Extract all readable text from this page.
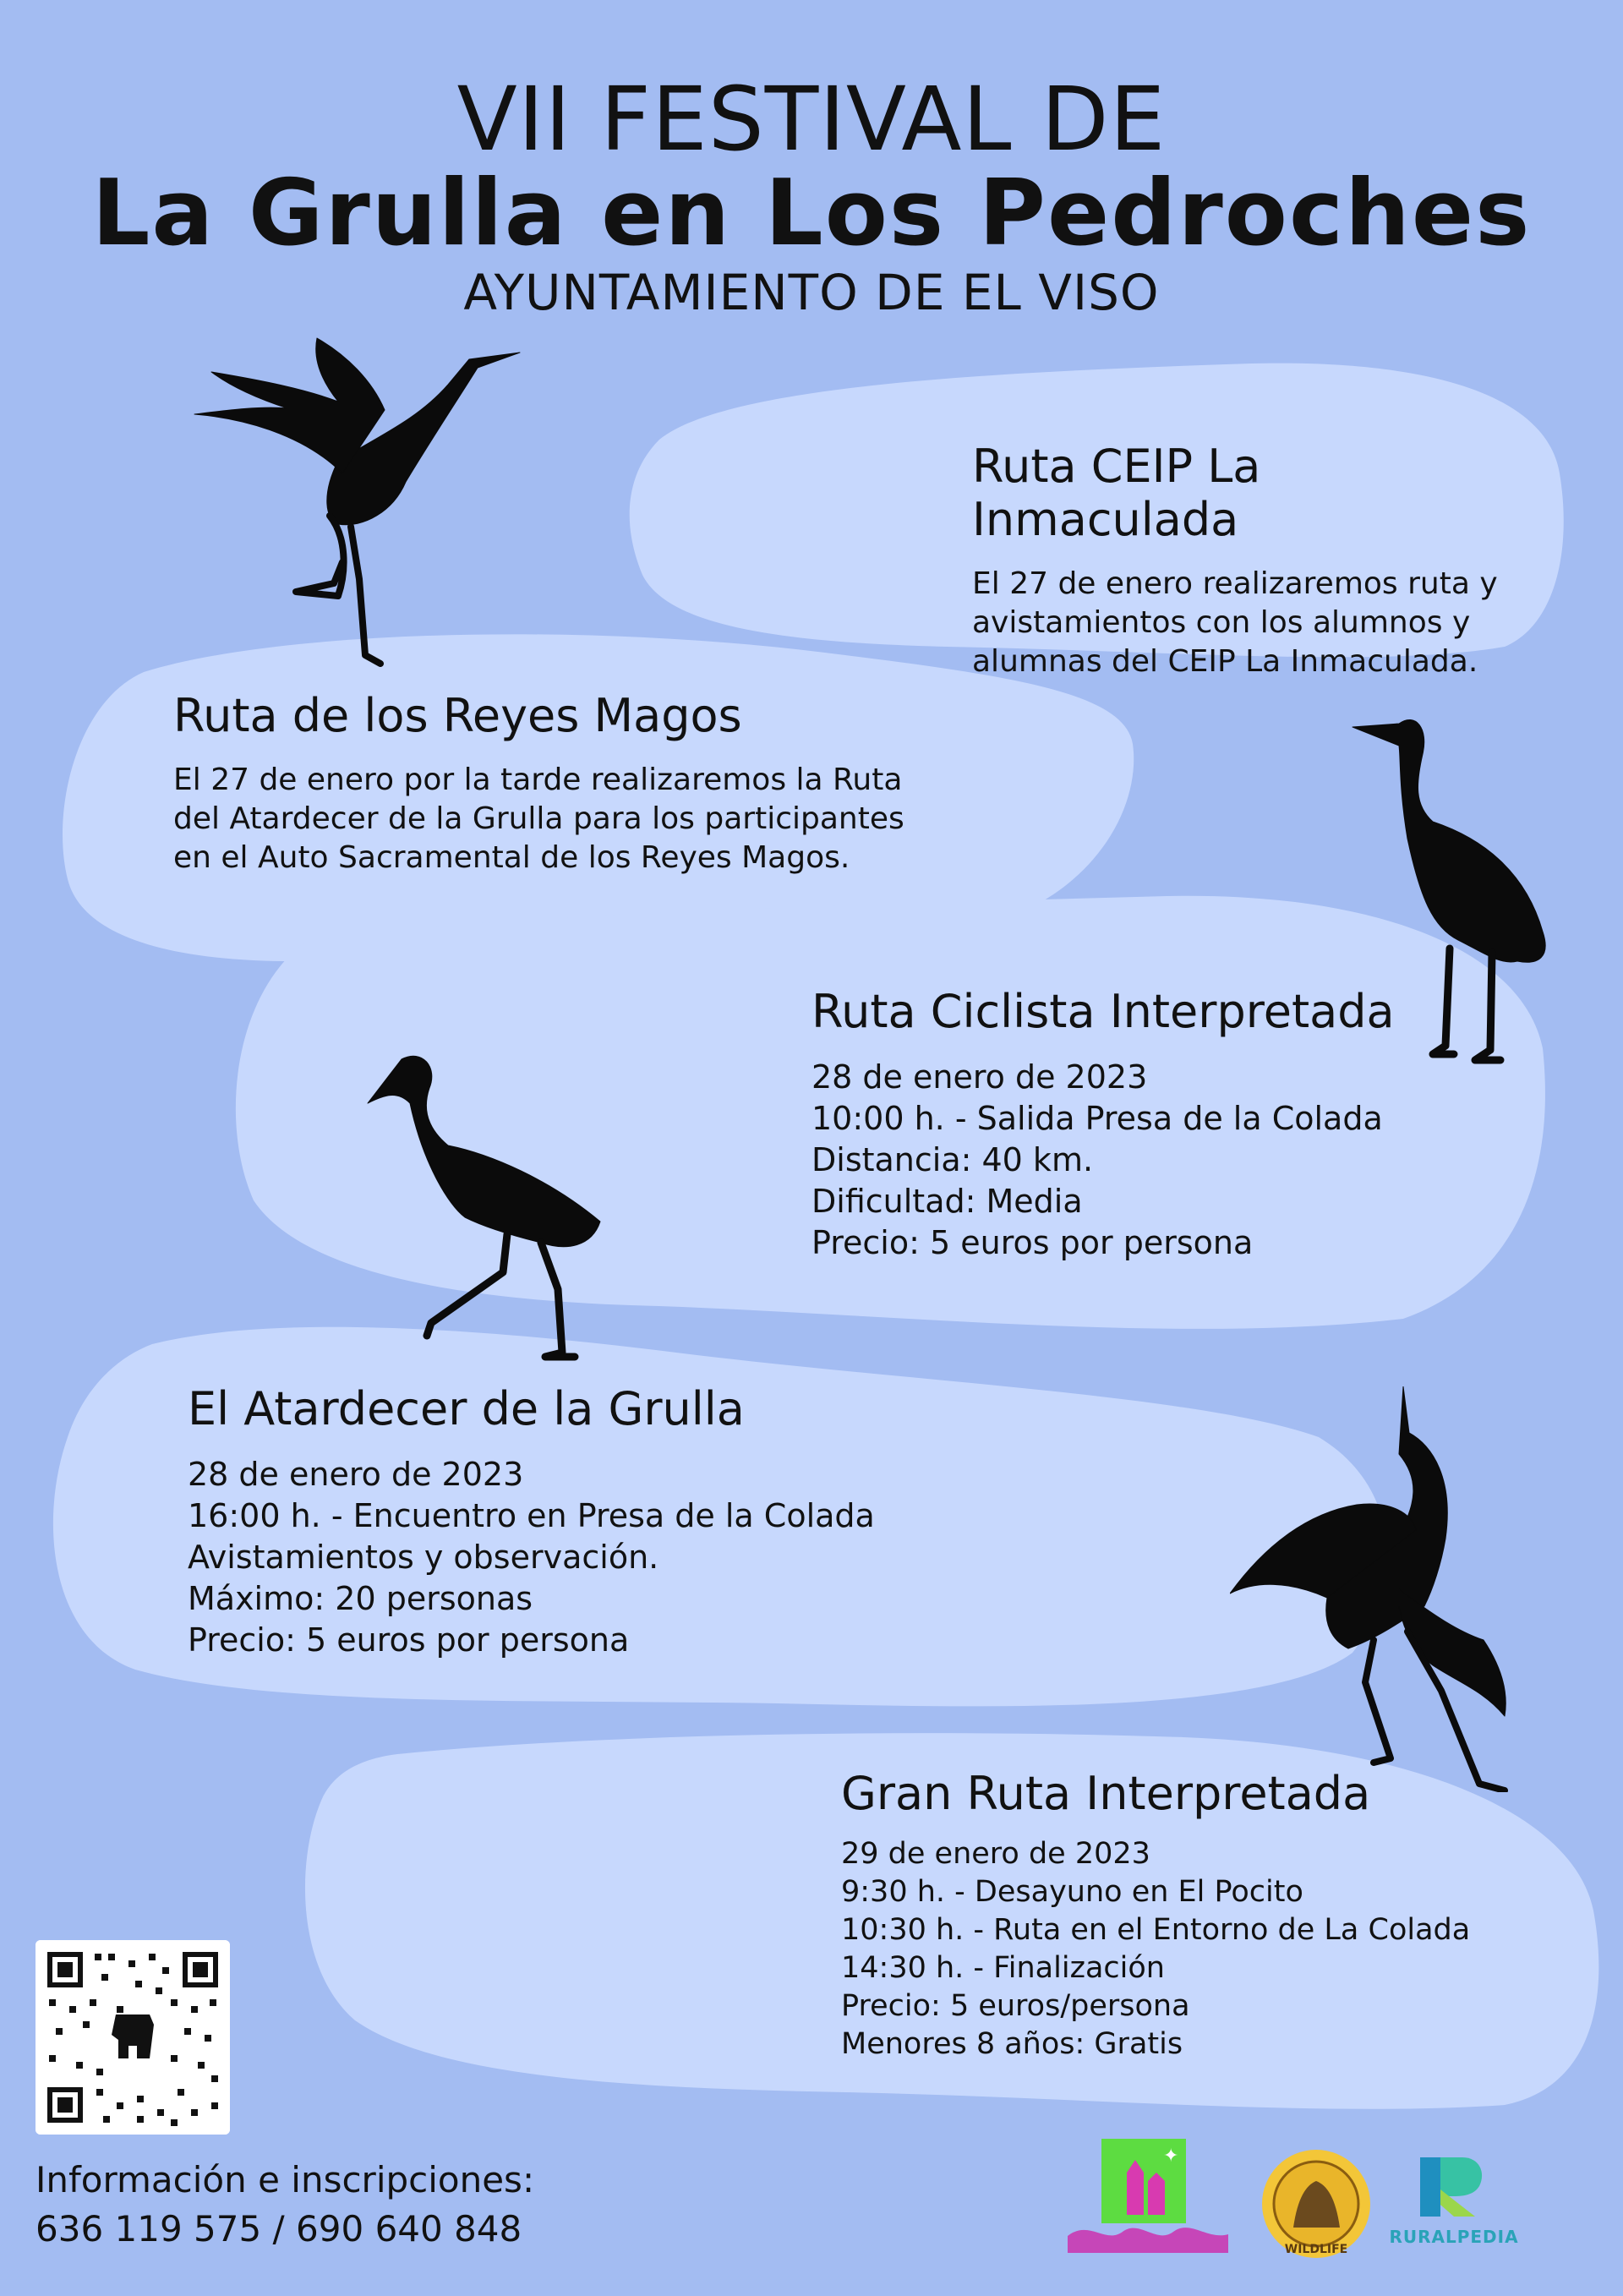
VII FESTIVAL DE
La Grulla en Los Pedroches
AYUNTAMIENTO DE EL VISO
Ruta CEIP La Inmaculada

El 27 de enero realizaremos ruta y
avistamientos con los alumnos y
alumnas del CEIP La Inmaculada.

Ruta de los Reyes Magos

El 27 de enero por la tarde realizaremos la Ruta
del Atardecer de la Grulla para los participantes
en el Auto Sacramental de los Reyes Magos.

Ruta Ciclista Interpretada
28 de enero de 2023
10:00 h. - Salida Presa de la Colada
Distancia: 40 km.
Dificultad: Media
Precio: 5 euros por persona
El Atardecer de la Grulla
28 de enero de 2023
16:00 h. - Encuentro en Presa de la Colada
Avistamientos y observación.
Máximo: 20 personas
Precio: 5 euros por persona
Gran Ruta Interpretada
29 de enero de 2023
9:30 h. - Desayuno en El Pocito
10:30 h. - Ruta en el Entorno de La Colada
14:30 h. - Finalización
Precio: 5 euros/persona
Menores 8 años: Gratis
Información e inscripciones:
636 119 575 / 690 640 848
✦
WILDLIFE
RURALPEDIA
